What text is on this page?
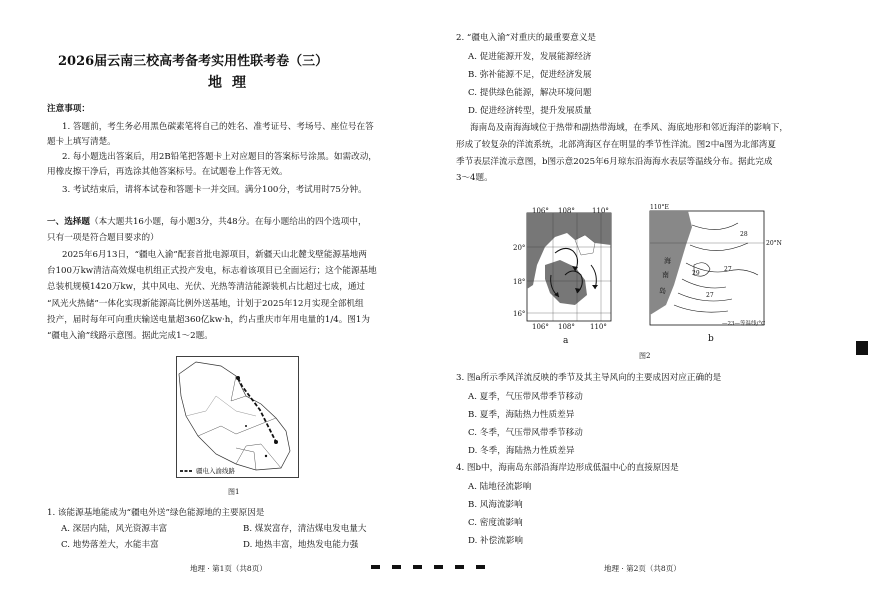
2026届云南三校高考备考实用性联考卷（三）
地理
注意事项：
1. 答题前，考生务必用黑色碳素笔将自己的姓名、准考证号、考场号、座位号在答
题卡上填写清楚。
2. 每小题选出答案后，用2B铅笔把答题卡上对应题目的答案标号涂黑。如需改动，
用橡皮擦干净后，再选涂其他答案标号。在试题卷上作答无效。
3. 考试结束后，请将本试卷和答题卡一并交回。满分100分，考试用时75分钟。
一、选择题（本大题共16小题，每小题3分，共48分。在每小题给出的四个选项中，
只有一项是符合题目要求的）
2025年6月13日，“疆电入渝”配套首批电源项目，新疆天山北麓戈壁能源基地两
台100万kw清洁高效煤电机组正式投产发电，标志着该项目已全面运行；这个能源基地
总装机规模1420万kw，其中风电、光伏、光热等清洁能源装机占比超过七成，通过
“风光火热储”一体化实现新能源高比例外送基地，计划于2025年12月实现全部机组
投产，届时每年可向重庆输送电量超360亿kw·h，约占重庆市年用电量的1/4。图1为
“疆电入渝”线路示意图。据此完成1～2题。
疆电入渝线路
图1
1. 该能源基地能成为“疆电外送”绿色能源地的主要原因是
A. 深居内陆，风光资源丰富	B. 煤炭富存，清洁煤电发电量大
C. 地势落差大，水能丰富	D. 地热丰富，地热发电能力强
地理 · 第1页（共8页）
2. “疆电入渝”对重庆的最重要意义是
A. 促进能源开发，发展能源经济
B. 弥补能源不足，促进经济发展
C. 提供绿色能源，解决环境问题
D. 促进经济转型，提升发展质量
海南岛及南海海域位于热带和副热带海域，在季风、海底地形和邻近海洋的影响下，
形成了较复杂的洋流系统，北部湾海区存在明显的季节性洋流。图2中a图为北部湾夏
季节表层洋流示意图，b图示意2025年6月琼东沿海海水表层等温线分布。据此完成
3～4题。
106° 108° 110°
20°
18°
16°
106° 108° 110°
a
110°E
20°N
海
南
岛
28
29
27
27
—23—等温线/°C
b
图2
3. 图a所示季风洋流反映的季节及其主导风向的主要成因对应正确的是
A. 夏季，气压带风带季节移动
B. 夏季，海陆热力性质差异
C. 冬季，气压带风带季节移动
D. 冬季，海陆热力性质差异
4. 图b中，海南岛东部沿海岸边形成低温中心的直接原因是
A. 陆地径流影响
B. 风海流影响
C. 密度流影响
D. 补偿流影响
地理 · 第2页（共8页）
